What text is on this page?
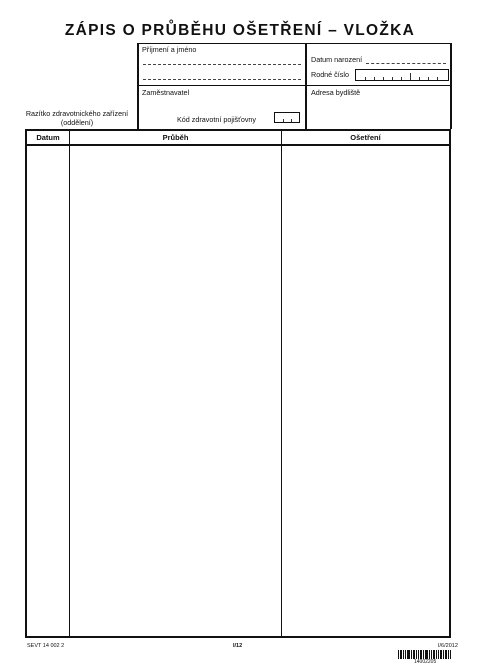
ZÁPIS O PRŮBĚHU OŠETŘENÍ – VLOŽKA
Příjmení a jméno
Datum narození
Rodné číslo
Zaměstnavatel	Adresa bydliště
Razítko zdravotnického zařízení
(oddělení)	Kód zdravotní pojišťovny
Datum	Průběh	Ošetření
SEVT 14 002 2	I/12	I/6/2012
14002205
